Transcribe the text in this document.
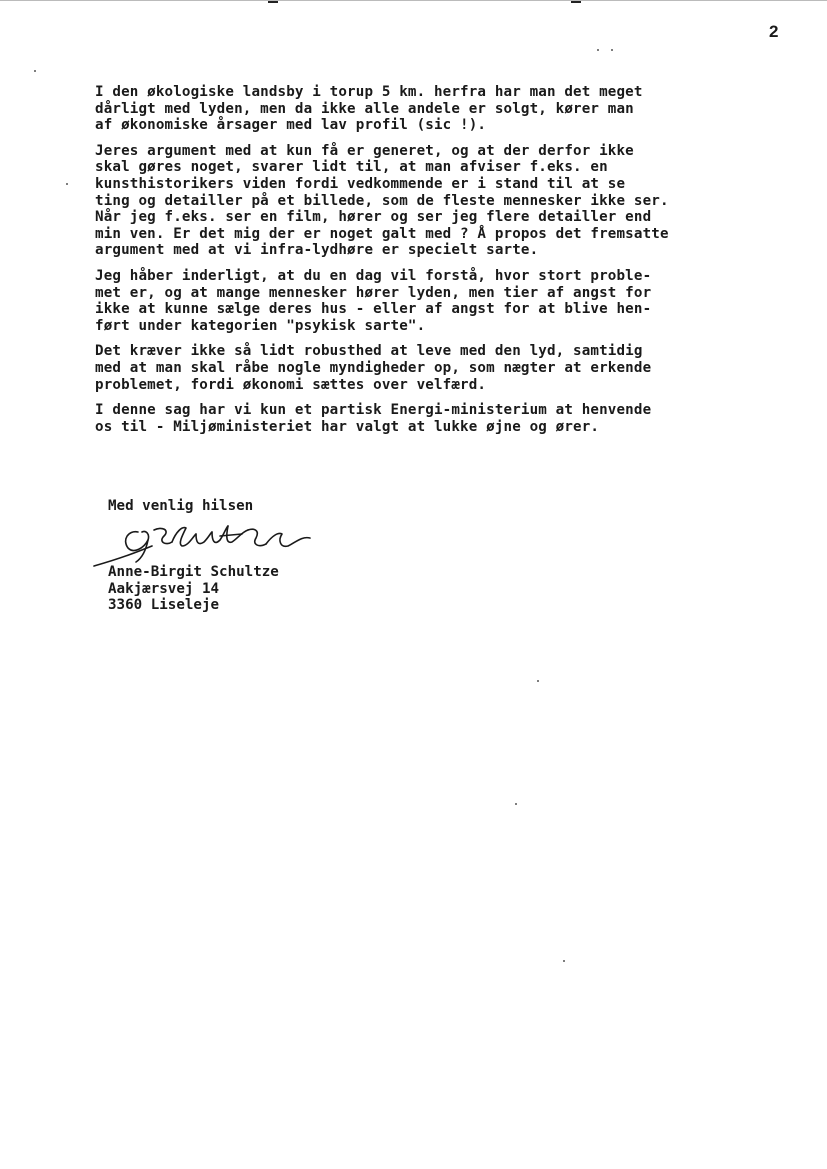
2
I den økologiske landsby i torup 5 km. herfra har man det meget
dårligt med lyden, men da ikke alle andele er solgt, kører man
af økonomiske årsager med lav profil (sic !).
Jeres argument med at kun få er generet, og at der derfor ikke
skal gøres noget, svarer lidt til, at man afviser f.eks. en
kunsthistorikers viden fordi vedkommende er i stand til at se
ting og detailler på et billede, som de fleste mennesker ikke ser.
Når jeg f.eks. ser en film, hører og ser jeg flere detailler end
min ven. Er det mig der er noget galt med ? Å propos det fremsatte
argument med at vi infra-lydhøre er specielt sarte.
Jeg håber inderligt, at du en dag vil forstå, hvor stort proble-
met er, og at mange mennesker hører lyden, men tier af angst for
ikke at kunne sælge deres hus - eller af angst for at blive hen-
ført under kategorien "psykisk sarte".
Det kræver ikke så lidt robusthed at leve med den lyd, samtidig
med at man skal råbe nogle myndigheder op, som nægter at erkende
problemet, fordi økonomi sættes over velfærd.
I denne sag har vi kun et partisk Energi-ministerium at henvende
os til - Miljøministeriet har valgt at lukke øjne og ører.
Med venlig hilsen
Anne-Birgit Schultze
Aakjærsvej 14
3360 Liseleje
